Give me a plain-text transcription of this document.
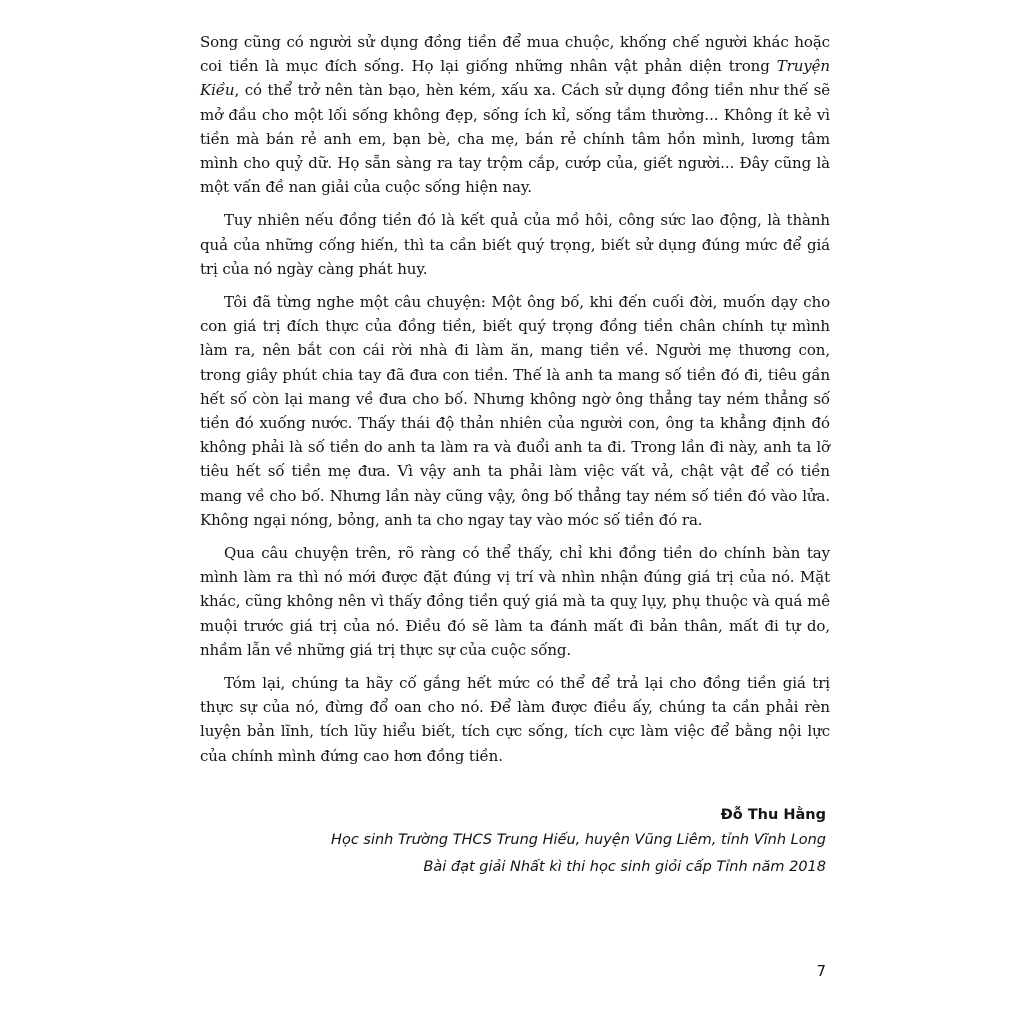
Song cũng có người sử dụng đồng tiền để mua chuộc, khống chế người khác hoặc coi tiền là mục đích sống. Họ lại giống những nhân vật phản diện trong Truyện Kiều, có thể trở nên tàn bạo, hèn kém, xấu xa. Cách sử dụng đồng tiền như thế sẽ mở đầu cho một lối sống không đẹp, sống ích kỉ, sống tầm thường... Không ít kẻ vì tiền mà bán rẻ anh em, bạn bè, cha mẹ, bán rẻ chính tâm hồn mình, lương tâm mình cho quỷ dữ. Họ sẵn sàng ra tay trộm cắp, cướp của, giết người... Đây cũng là một vấn đề nan giải của cuộc sống hiện nay.

Tuy nhiên nếu đồng tiền đó là kết quả của mồ hôi, công sức lao động, là thành quả của những cống hiến, thì ta cần biết quý trọng, biết sử dụng đúng mức để giá trị của nó ngày càng phát huy.

Tôi đã từng nghe một câu chuyện: Một ông bố, khi đến cuối đời, muốn dạy cho con giá trị đích thực của đồng tiền, biết quý trọng đồng tiền chân chính tự mình làm ra, nên bắt con cái rời nhà đi làm ăn, mang tiền về. Người mẹ thương con, trong giây phút chia tay đã đưa con tiền. Thế là anh ta mang số tiền đó đi, tiêu gần hết số còn lại mang về đưa cho bố. Nhưng không ngờ ông thẳng tay ném thẳng số tiền đó xuống nước. Thấy thái độ thản nhiên của người con, ông ta khẳng định đó không phải là số tiền do anh ta làm ra và đuổi anh ta đi. Trong lần đi này, anh ta lỡ tiêu hết số tiền mẹ đưa. Vì vậy anh ta phải làm việc vất vả, chật vật để có tiền mang về cho bố. Nhưng lần này cũng vậy, ông bố thẳng tay ném số tiền đó vào lửa. Không ngại nóng, bỏng, anh ta cho ngay tay vào móc số tiền đó ra.

Qua câu chuyện trên, rõ ràng có thể thấy, chỉ khi đồng tiền do chính bàn tay mình làm ra thì nó mới được đặt đúng vị trí và nhìn nhận đúng giá trị của nó. Mặt khác, cũng không nên vì thấy đồng tiền quý giá mà ta quỵ lụy, phụ thuộc và quá mê muội trước giá trị của nó. Điều đó sẽ làm ta đánh mất đi bản thân, mất đi tự do, nhầm lẫn về những giá trị thực sự của cuộc sống.

Tóm lại, chúng ta hãy cố gắng hết mức có thể để trả lại cho đồng tiền giá trị thực sự của nó, đừng đổ oan cho nó. Để làm được điều ấy, chúng ta cần phải rèn luyện bản lĩnh, tích lũy hiểu biết, tích cực sống, tích cực làm việc để bằng nội lực của chính mình đứng cao hơn đồng tiền.

Đỗ Thu Hằng
Học sinh Trường THCS Trung Hiếu, huyện Vũng Liêm, tỉnh Vĩnh Long
Bài đạt giải Nhất kì thi học sinh giỏi cấp Tỉnh năm 2018
7
